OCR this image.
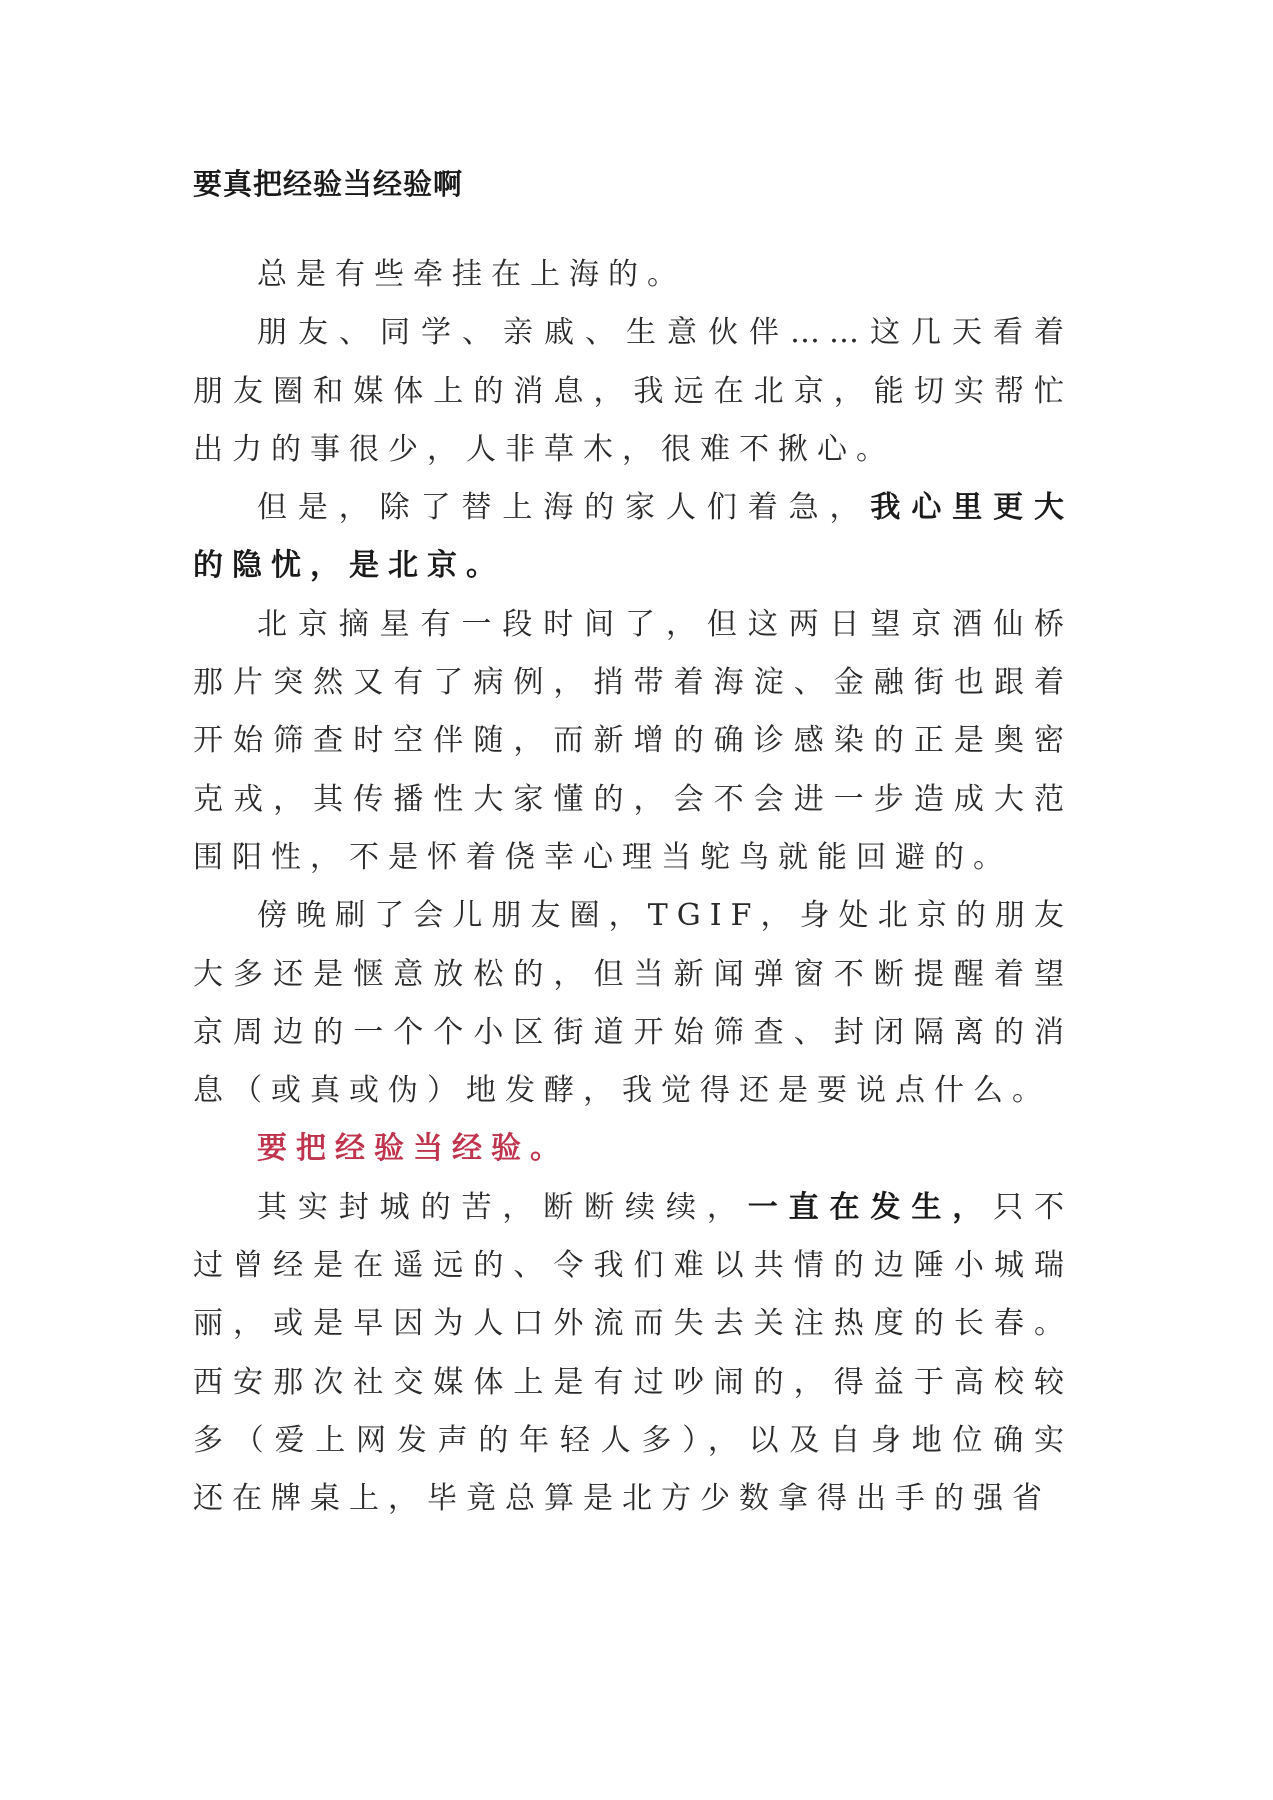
要真把经验当经验啊

总是有些牵挂在上海的。

朋友、同学、亲戚、生意伙伴……这几天看着朋友圈和媒体上的消息，我远在北京，能切实帮忙出力的事很少，人非草木，很难不揪心。

但是，除了替上海的家人们着急，我心里更大的隐忧，是北京。

北京摘星有一段时间了，但这两日望京酒仙桥那片突然又有了病例，捎带着海淀、金融街也跟着开始筛查时空伴随，而新增的确诊感染的正是奥密克戎，其传播性大家懂的，会不会进一步造成大范围阳性，不是怀着侥幸心理当鸵鸟就能回避的。

傍晚刷了会儿朋友圈，TGIF，身处北京的朋友大多还是惬意放松的，但当新闻弹窗不断提醒着望京周边的一个个小区街道开始筛查、封闭隔离的消息（或真或伪）地发酵，我觉得还是要说点什么。

要把经验当经验。

其实封城的苦，断断续续，一直在发生，只不过曾经是在遥远的、令我们难以共情的边陲小城瑞丽，或是早因为人口外流而失去关注热度的长春。西安那次社交媒体上是有过吵闹的，得益于高校较多（爱上网发声的年轻人多），以及自身地位确实还在牌桌上，毕竟总算是北方少数拿得出手的强省
